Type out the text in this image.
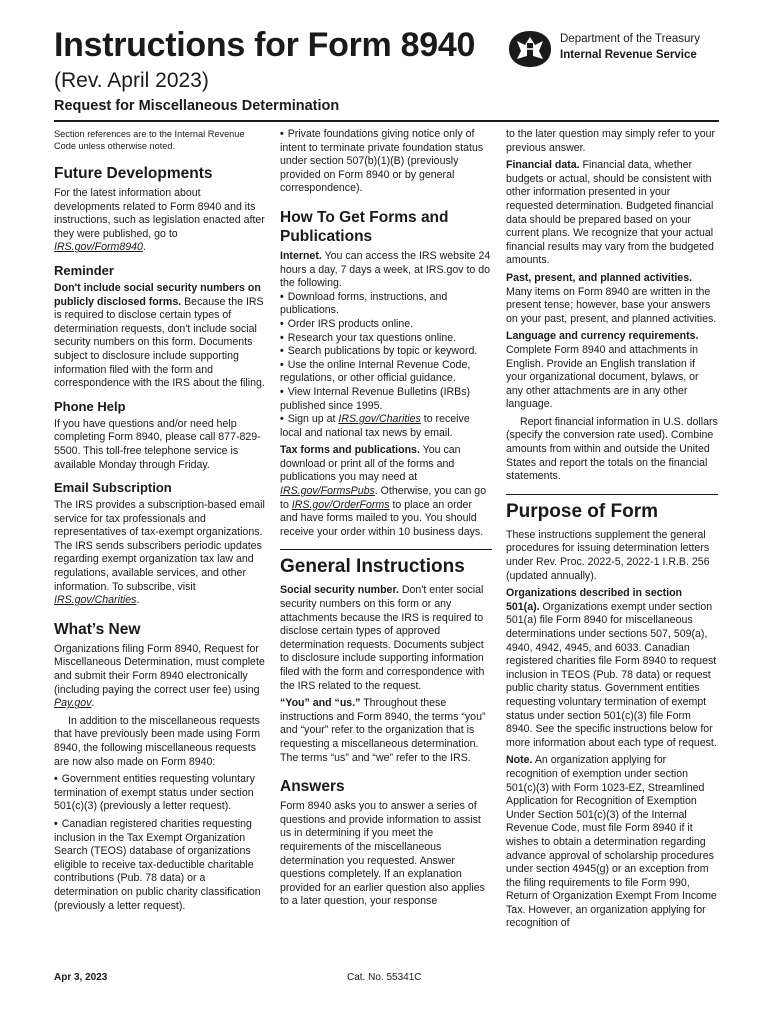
Instructions for Form 8940
(Rev. April 2023)
Department of the Treasury
Internal Revenue Service
Request for Miscellaneous Determination

Section references are to the Internal Revenue Code unless otherwise noted.

Future Developments

For the latest information about developments related to Form 8940 and its instructions, such as legislation enacted after they were published, go to IRS.gov/Form8940.

Reminder

Don't include social security numbers on publicly disclosed forms. Because the IRS is required to disclose certain types of determination requests, don't include social security numbers on this form. Documents subject to disclosure include supporting information filed with the form and correspondence with the IRS about the filing.

Phone Help

If you have questions and/or need help completing Form 8940, please call 877-829-5500. This toll-free telephone service is available Monday through Friday.

Email Subscription

The IRS provides a subscription-based email service for tax professionals and representatives of tax-exempt organizations. The IRS sends subscribers periodic updates regarding exempt organization tax law and regulations, available services, and other information. To subscribe, visit IRS.gov/Charities.

What’s New

Organizations filing Form 8940, Request for Miscellaneous Determination, must complete and submit their Form 8940 electronically (including paying the correct user fee) using Pay.gov.

In addition to the miscellaneous requests that have previously been made using Form 8940, the following miscellaneous requests are now also made on Form 8940:

• Government entities requesting voluntary termination of exempt status under section 501(c)(3) (previously a letter request).

• Canadian registered charities requesting inclusion in the Tax Exempt Organization Search (TEOS) database of organizations eligible to receive tax-deductible charitable contributions (Pub. 78 data) or a determination on public charity classification (previously a letter request).

• Private foundations giving notice only of intent to terminate private foundation status under section 507(b)(1)(B) (previously provided on Form 8940 or by general correspondence).

How To Get Forms and Publications

Internet. You can access the IRS website 24 hours a day, 7 days a week, at IRS.gov to do the following.
• Download forms, instructions, and publications.
• Order IRS products online.
• Research your tax questions online.
• Search publications by topic or keyword.
• Use the online Internal Revenue Code, regulations, or other official guidance.
• View Internal Revenue Bulletins (IRBs) published since 1995.
• Sign up at IRS.gov/Charities to receive local and national tax news by email.

Tax forms and publications. You can download or print all of the forms and publications you may need at IRS.gov/FormsPubs. Otherwise, you can go to IRS.gov/OrderForms to place an order and have forms mailed to you. You should receive your order within 10 business days.

General Instructions

Social security number. Don't enter social security numbers on this form or any attachments because the IRS is required to disclose certain types of approved determination requests. Documents subject to disclosure include supporting information filed with the form and correspondence with the IRS related to the request.

“You” and “us.” Throughout these instructions and Form 8940, the terms “you” and “your” refer to the organization that is requesting a miscellaneous determination. The terms “us” and “we” refer to the IRS.

Answers

Form 8940 asks you to answer a series of questions and provide information to assist us in determining if you meet the requirements of the miscellaneous determination you requested. Answer questions completely. If an explanation provided for an earlier question also applies to a later question, your response

to the later question may simply refer to your previous answer.

Financial data. Financial data, whether budgets or actual, should be consistent with other information presented in your requested determination. Budgeted financial data should be prepared based on your current plans. We recognize that your actual financial results may vary from the budgeted amounts.

Past, present, and planned activities. Many items on Form 8940 are written in the present tense; however, base your answers on your past, present, and planned activities.

Language and currency requirements. Complete Form 8940 and attachments in English. Provide an English translation if your organizational document, bylaws, or any other attachments are in any other language.

Report financial information in U.S. dollars (specify the conversion rate used). Combine amounts from within and outside the United States and report the totals on the financial statements.

Purpose of Form

These instructions supplement the general procedures for issuing determination letters under Rev. Proc. 2022-5, 2022-1 I.R.B. 256 (updated annually).

Organizations described in section 501(a). Organizations exempt under section 501(a) file Form 8940 for miscellaneous determinations under sections 507, 509(a), 4940, 4942, 4945, and 6033. Canadian registered charities file Form 8940 to request inclusion in TEOS (Pub. 78 data) or request public charity status. Government entities requesting voluntary termination of exempt status under section 501(c)(3) file Form 8940. See the specific instructions below for more information about each type of request.

Note. An organization applying for recognition of exemption under section 501(c)(3) with Form 1023-EZ, Streamlined Application for Recognition of Exemption Under Section 501(c)(3) of the Internal Revenue Code, must file Form 8940 if it wishes to obtain a determination regarding advance approval of scholarship procedures under section 4945(g) or an exception from the filing requirements to file Form 990, Return of Organization Exempt From Income Tax. However, an organization applying for recognition of

Apr 3, 2023	Cat. No. 55341C
